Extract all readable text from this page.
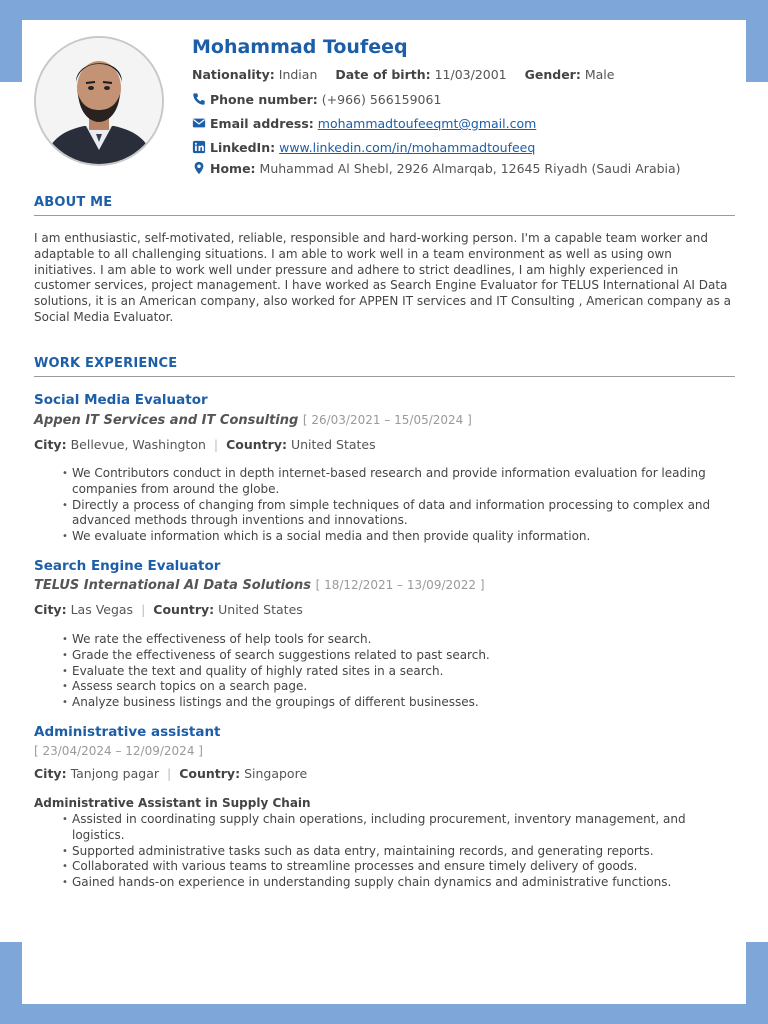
Mohammad Toufeeq
Nationality: Indian Date of birth: 11/03/2001 Gender: Male
Phone number: (+966) 566159061
Email address: mohammadtoufeeqmt@gmail.com
LinkedIn: www.linkedin.com/in/mohammadtoufeeq
Home: Muhammad Al Shebl, 2926 Almarqab, 12645 Riyadh (Saudi Arabia)
ABOUT ME
I am enthusiastic, self-motivated, reliable, responsible and hard-working person. I'm a capable team worker and adaptable to all challenging situations. I am able to work well in a team environment as well as using own initiatives. I am able to work well under pressure and adhere to strict deadlines, I am highly experienced in customer services, project management. I have worked as Search Engine Evaluator for TELUS International AI Data solutions, it is an American company, also worked for APPEN IT services and IT Consulting , American company as a Social Media Evaluator.
WORK EXPERIENCE
Social Media Evaluator
Appen IT Services and IT Consulting [ 26/03/2021 – 15/05/2024 ]
City: Bellevue, Washington | Country: United States
• We Contributors conduct in depth internet-based research and provide information evaluation for leading companies from around the globe.
• Directly a process of changing from simple techniques of data and information processing to complex and advanced methods through inventions and innovations.
• We evaluate information which is a social media and then provide quality information.
Search Engine Evaluator
TELUS International AI Data Solutions [ 18/12/2021 – 13/09/2022 ]
City: Las Vegas | Country: United States
• We rate the effectiveness of help tools for search.
• Grade the effectiveness of search suggestions related to past search.
• Evaluate the text and quality of highly rated sites in a search.
• Assess search topics on a search page.
• Analyze business listings and the groupings of different businesses.
Administrative assistant
[ 23/04/2024 – 12/09/2024 ]
City: Tanjong pagar | Country: Singapore
Administrative Assistant in Supply Chain
• Assisted in coordinating supply chain operations, including procurement, inventory management, and logistics.
• Supported administrative tasks such as data entry, maintaining records, and generating reports.
• Collaborated with various teams to streamline processes and ensure timely delivery of goods.
• Gained hands-on experience in understanding supply chain dynamics and administrative functions.
